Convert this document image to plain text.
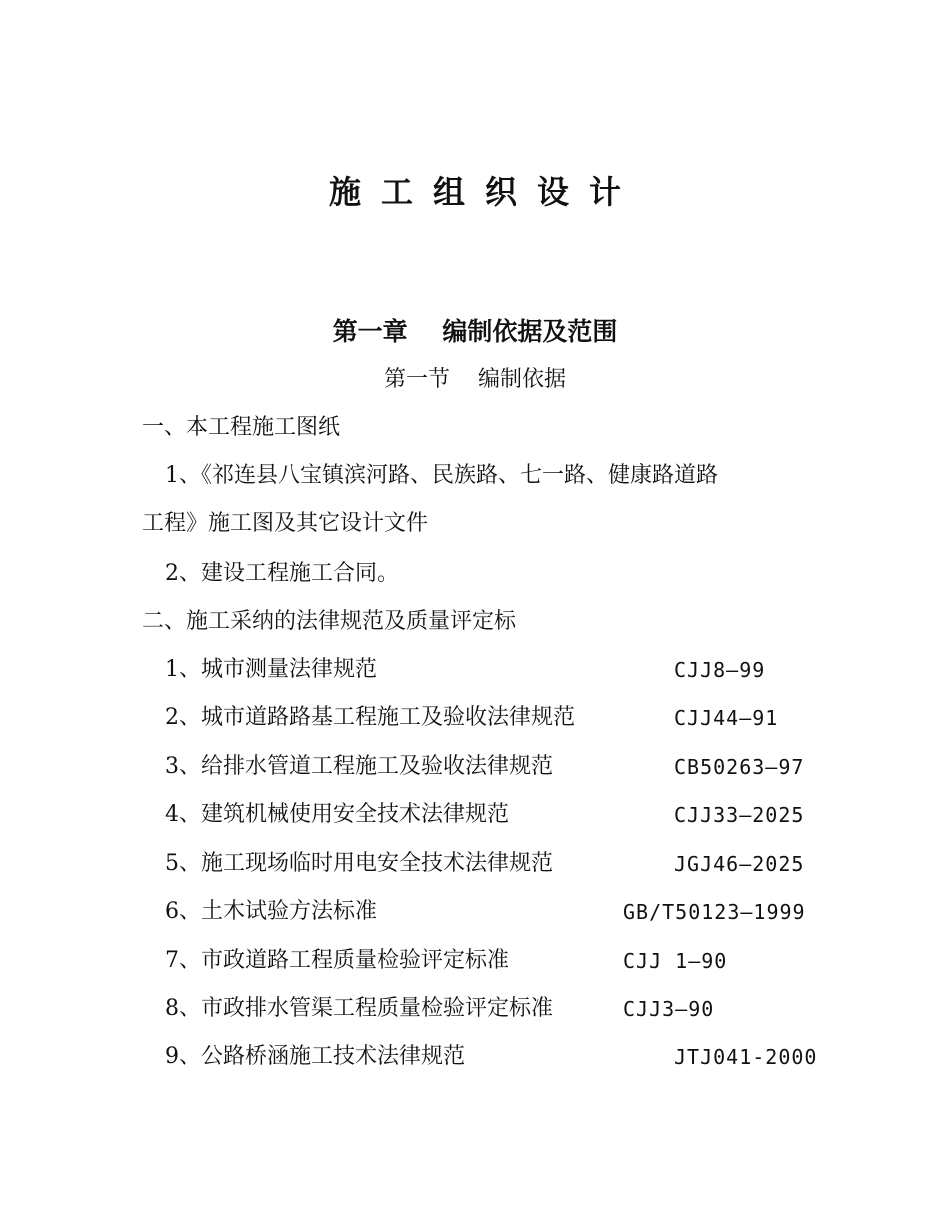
施工组织设计
第一章    编制依据及范围
第一节    编制依据
一、本工程施工图纸
1、《祁连县八宝镇滨河路、民族路、七一路、健康路道路
工程》施工图及其它设计文件
2、建设工程施工合同。
二、施工采纳的法律规范及质量评定标
1、城市测量法律规范	CJJ8—99
2、城市道路路基工程施工及验收法律规范	CJJ44—91
3、给排水管道工程施工及验收法律规范	CB50263—97
4、建筑机械使用安全技术法律规范	CJJ33—2025
5、施工现场临时用电安全技术法律规范	JGJ46—2025
6、土木试验方法标准	GB/T50123—1999
7、市政道路工程质量检验评定标准	CJJ 1—90
8、市政排水管渠工程质量检验评定标准	CJJ3—90
9、公路桥涵施工技术法律规范	JTJ041-2000
